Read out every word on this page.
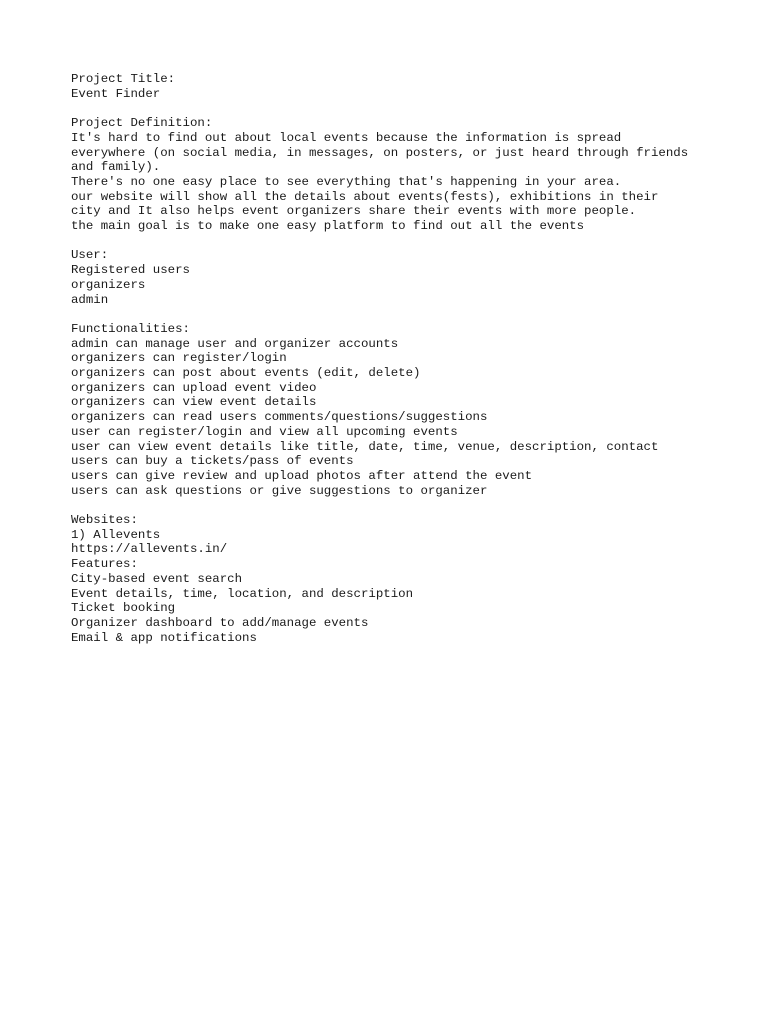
Project Title:
Event Finder
Project Definition:
It's hard to find out about local events because the information is spread
everywhere (on social media, in messages, on posters, or just heard through friends
and family).
There's no one easy place to see everything that's happening in your area.
our website will show all the details about events(fests), exhibitions in their
city and It also helps event organizers share their events with more people.
the main goal is to make one easy platform to find out all the events
User:
Registered users
organizers
admin
Functionalities:
admin can manage user and organizer accounts
organizers can register/login
organizers can post about events (edit, delete)
organizers can upload event video
organizers can view event details
organizers can read users comments/questions/suggestions
user can register/login and view all upcoming events
user can view event details like title, date, time, venue, description, contact
users can buy a tickets/pass of events
users can give review and upload photos after attend the event
users can ask questions or give suggestions to organizer
Websites:
1) Allevents
https://allevents.in/
Features:
City-based event search
Event details, time, location, and description
Ticket booking
Organizer dashboard to add/manage events
Email & app notifications
